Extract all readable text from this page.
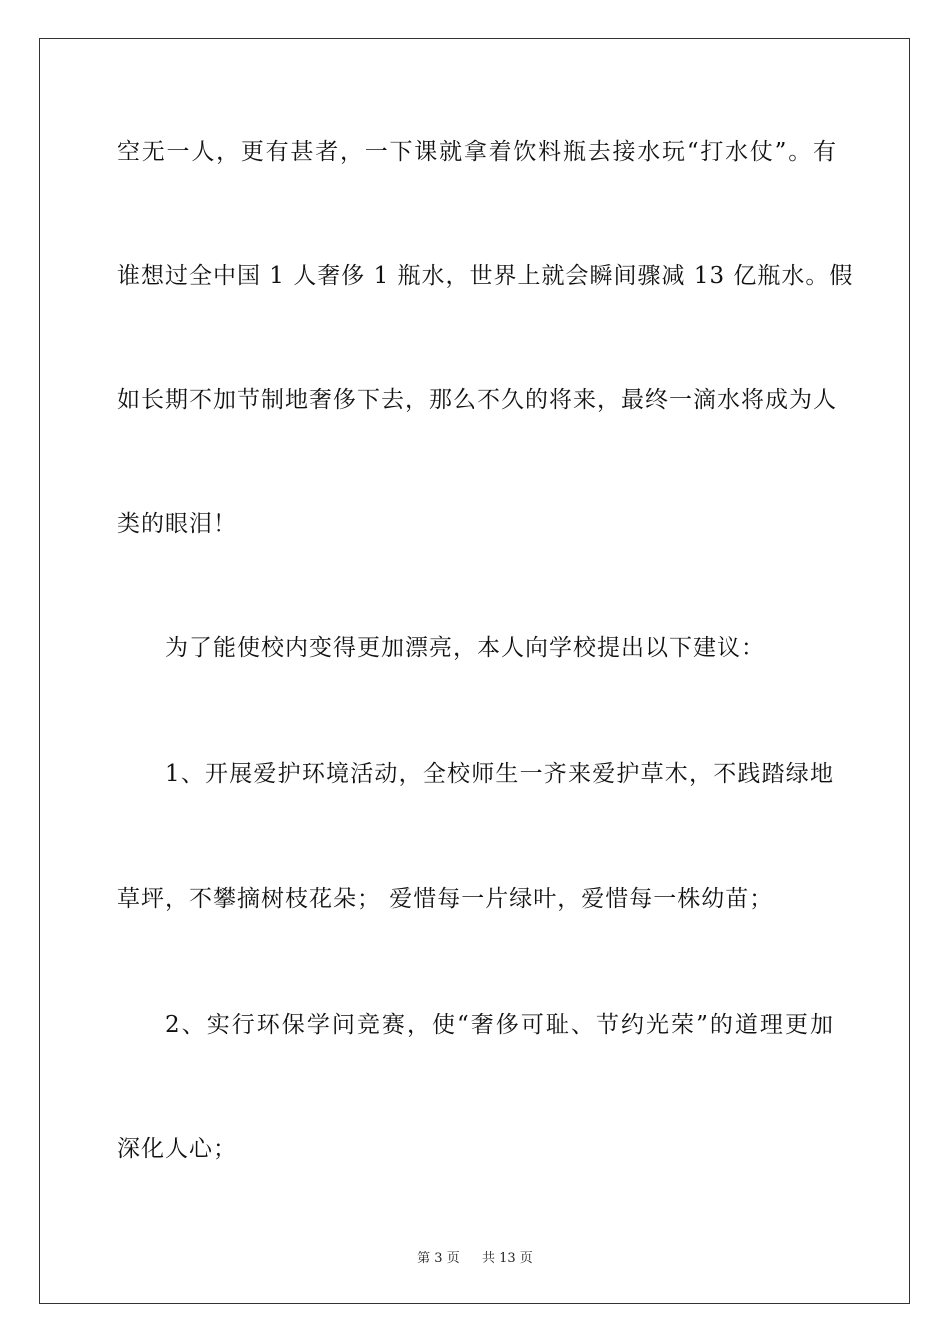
空无一人，更有甚者，一下课就拿着饮料瓶去接水玩“打水仗”。有
谁想过全中国 1 人奢侈 1 瓶水，世界上就会瞬间骤减 13 亿瓶水。假
如长期不加节制地奢侈下去，那么不久的将来，最终一滴水将成为人
类的眼泪！
为了能使校内变得更加漂亮，本人向学校提出以下建议：
1、开展爱护环境活动，全校师生一齐来爱护草木，不践踏绿地
草坪，不攀摘树枝花朵； 爱惜每一片绿叶，爱惜每一株幼苗；
2、实行环保学问竞赛，使“奢侈可耻、节约光荣”的道理更加
深化人心；
第 3 页 共 13 页
